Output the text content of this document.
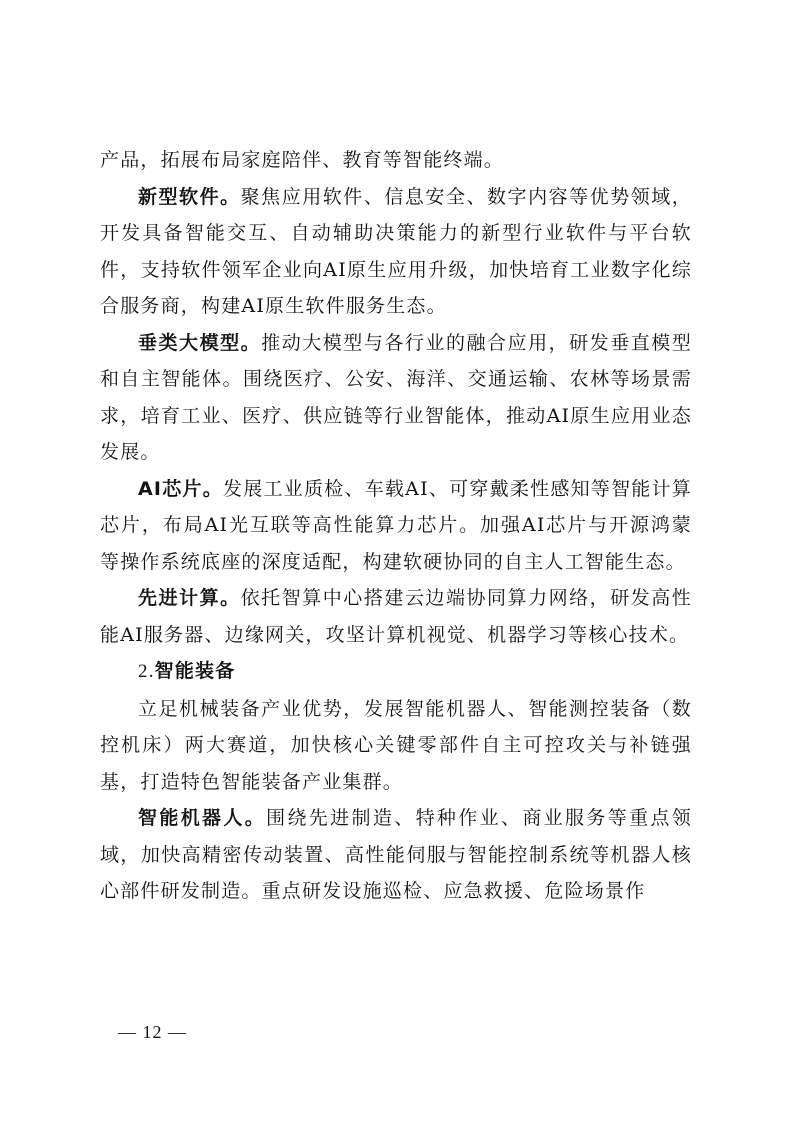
产品，拓展布局家庭陪伴、教育等智能终端。

新型软件。聚焦应用软件、信息安全、数字内容等优势领域，开发具备智能交互、自动辅助决策能力的新型行业软件与平台软件，支持软件领军企业向AI原生应用升级，加快培育工业数字化综合服务商，构建AI原生软件服务生态。

垂类大模型。推动大模型与各行业的融合应用，研发垂直模型和自主智能体。围绕医疗、公安、海洋、交通运输、农林等场景需求，培育工业、医疗、供应链等行业智能体，推动AI原生应用业态发展。

AI芯片。发展工业质检、车载AI、可穿戴柔性感知等智能计算芯片，布局AI光互联等高性能算力芯片。加强AI芯片与开源鸿蒙等操作系统底座的深度适配，构建软硬协同的自主人工智能生态。

先进计算。依托智算中心搭建云边端协同算力网络，研发高性能AI服务器、边缘网关，攻坚计算机视觉、机器学习等核心技术。

2.智能装备

立足机械装备产业优势，发展智能机器人、智能测控装备（数控机床）两大赛道，加快核心关键零部件自主可控攻关与补链强基，打造特色智能装备产业集群。

智能机器人。围绕先进制造、特种作业、商业服务等重点领域，加快高精密传动装置、高性能伺服与智能控制系统等机器人核心部件研发制造。重点研发设施巡检、应急救援、危险场景作

— 12 —
